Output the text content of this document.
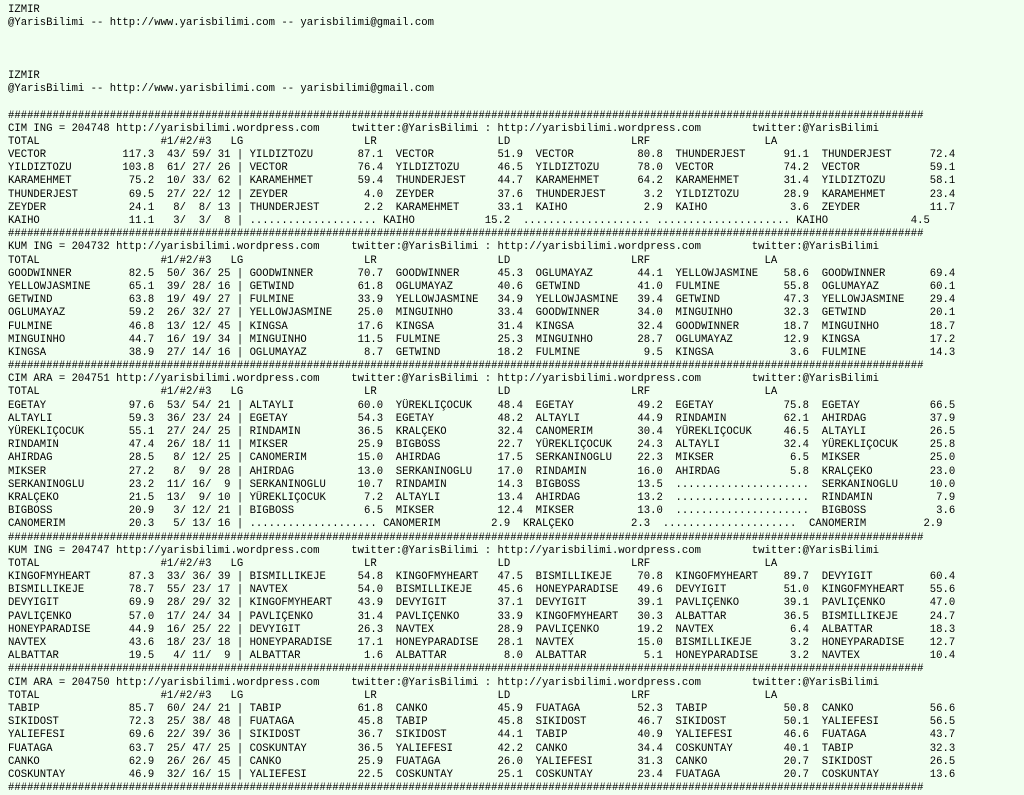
IZMIR
@YarisBilimi -- http://www.yarisbilimi.com -- yarisbilimi@gmail.com

IZMIR
@YarisBilimi -- http://www.yarisbilimi.com -- yarisbilimi@gmail.com

################################################################################################################################################
CIM ING = 204748 http://yarisbilimi.wordpress.com     twitter:@YarisBilimi : http://yarisbilimi.wordpress.com        twitter:@YarisBilimi
TOTAL                   #1/#2/#3   LG                   LR                   LD                   LRF                  LA
VECTOR            117.3  43/ 59/ 31 | YILDIZTOZU       87.1  VECTOR          51.9  VECTOR          80.8  THUNDERJEST      91.1  THUNDERJEST      72.4
YILDIZTOZU        103.8  61/ 27/ 26 | VECTOR           76.4  YILDIZTOZU      46.5  YILDIZTOZU      78.0  VECTOR           74.2  VECTOR           59.1
KARAMEHMET         75.2  10/ 33/ 62 | KARAMEHMET       59.4  THUNDERJEST     44.7  KARAMEHMET      64.2  KARAMEHMET       31.4  YILDIZTOZU       58.1
THUNDERJEST        69.5  27/ 22/ 12 | ZEYDER            4.0  ZEYDER          37.6  THUNDERJEST      3.2  YILDIZTOZU       28.9  KARAMEHMET       23.4
ZEYDER             24.1   8/  8/ 13 | THUNDERJEST       2.2  KARAMEHMET      33.1  KAIHO            2.9  KAIHO             3.6  ZEYDER           11.7
KAIHO              11.1   3/  3/  8 | .................... KAIHO           15.2  .................... ..................... KAIHO             4.5
################################################################################################################################################
KUM ING = 204732 http://yarisbilimi.wordpress.com     twitter:@YarisBilimi : http://yarisbilimi.wordpress.com        twitter:@YarisBilimi
TOTAL                   #1/#2/#3   LG                   LR                   LD                   LRF                  LA
GOODWINNER         82.5  50/ 36/ 25 | GOODWINNER       70.7  GOODWINNER      45.3  OGLUMAYAZ       44.1  YELLOWJASMINE    58.6  GOODWINNER       69.4
YELLOWJASMINE      65.1  39/ 28/ 16 | GETWIND          61.8  OGLUMAYAZ       40.6  GETWIND         41.0  FULMINE          55.8  OGLUMAYAZ        60.1
GETWIND            63.8  19/ 49/ 27 | FULMINE          33.9  YELLOWJASMINE   34.9  YELLOWJASMINE   39.4  GETWIND          47.3  YELLOWJASMINE    29.4
OGLUMAYAZ          59.2  26/ 32/ 27 | YELLOWJASMINE    25.0  MINGUINHO       33.4  GOODWINNER      34.0  MINGUINHO        32.3  GETWIND          20.1
FULMINE            46.8  13/ 12/ 45 | KINGSA           17.6  KINGSA          31.4  KINGSA          32.4  GOODWINNER       18.7  MINGUINHO        18.7
MINGUINHO          44.7  16/ 19/ 34 | MINGUINHO        11.5  FULMINE         25.3  MINGUINHO       28.7  OGLUMAYAZ        12.9  KINGSA           17.2
KINGSA             38.9  27/ 14/ 16 | OGLUMAYAZ         8.7  GETWIND         18.2  FULMINE          9.5  KINGSA            3.6  FULMINE          14.3
################################################################################################################################################
CIM ARA = 204751 http://yarisbilimi.wordpress.com     twitter:@YarisBilimi : http://yarisbilimi.wordpress.com        twitter:@YarisBilimi
TOTAL                   #1/#2/#3   LG                   LR                   LD                   LRF                  LA
EGETAY             97.6  53/ 54/ 21 | ALTAYLI          60.0  YÜREKLIÇOCUK    48.4  EGETAY          49.2  EGETAY           75.8  EGETAY           66.5
ALTAYLI            59.3  36/ 23/ 24 | EGETAY           54.3  EGETAY          48.2  ALTAYLI         44.9  RINDAMIN         62.1  AHIRDAG          37.9
YÜREKLIÇOCUK       55.1  27/ 24/ 25 | RINDAMIN         36.5  KRALÇEKO        32.4  CANOMERIM       30.4  YÜREKLIÇOCUK     46.5  ALTAYLI          26.5
RINDAMIN           47.4  26/ 18/ 11 | MIKSER           25.9  BIGBOSS         22.7  YÜREKLIÇOCUK    24.3  ALTAYLI          32.4  YÜREKLIÇOCUK     25.8
AHIRDAG            28.5   8/ 12/ 25 | CANOMERIM        15.0  AHIRDAG         17.5  SERKANINOGLU    22.3  MIKSER            6.5  MIKSER           25.0
MIKSER             27.2   8/  9/ 28 | AHIRDAG          13.0  SERKANINOGLU    17.0  RINDAMIN        16.0  AHIRDAG           5.8  KRALÇEKO         23.0
SERKANINOGLU       23.2  11/ 16/  9 | SERKANINOGLU     10.7  RINDAMIN        14.3  BIGBOSS         13.5  .....................  SERKANINOGLU     10.0
KRALÇEKO           21.5  13/  9/ 10 | YÜREKLIÇOCUK      7.2  ALTAYLI         13.4  AHIRDAG         13.2  .....................  RINDAMIN          7.9
BIGBOSS            20.9   3/ 12/ 21 | BIGBOSS           6.5  MIKSER          12.4  MIKSER          13.0  .....................  BIGBOSS           3.6
CANOMERIM          20.3   5/ 13/ 16 | .................... CANOMERIM        2.9  KRALÇEKO         2.3  .....................  CANOMERIM         2.9
################################################################################################################################################
KUM ING = 204747 http://yarisbilimi.wordpress.com     twitter:@YarisBilimi : http://yarisbilimi.wordpress.com        twitter:@YarisBilimi
TOTAL                   #1/#2/#3   LG                   LR                   LD                   LRF                  LA
KINGOFMYHEART      87.3  33/ 36/ 39 | BISMILLIKEJE     54.8  KINGOFMYHEART   47.5  BISMILLIKEJE    70.8  KINGOFMYHEART    89.7  DEVYIGIT         60.4
BISMILLIKEJE       78.7  55/ 23/ 17 | NAVTEX           54.0  BISMILLIKEJE    45.6  HONEYPARADISE   49.6  DEVYIGIT         51.0  KINGOFMYHEART    55.6
DEVYIGIT           69.9  28/ 29/ 32 | KINGOFMYHEART    43.9  DEVYIGIT        37.1  DEVYIGIT        39.1  PAVLIÇENKO       39.1  PAVLIÇENKO       47.0
PAVLIÇENKO         57.0  17/ 24/ 34 | PAVLIÇENKO       31.4  PAVLIÇENKO      33.9  KINGOFMYHEART   30.3  ALBATTAR         36.5  BISMILLIKEJE     24.7
HONEYPARADISE      44.9  16/ 25/ 22 | DEVYIGIT         26.3  NAVTEX          28.9  PAVLIÇENKO      19.2  NAVTEX            6.4  ALBATTAR         18.3
NAVTEX             43.6  18/ 23/ 18 | HONEYPARADISE    17.1  HONEYPARADISE   28.1  NAVTEX          15.0  BISMILLIKEJE      3.2  HONEYPARADISE    12.7
ALBATTAR           19.5   4/ 11/  9 | ALBATTAR          1.6  ALBATTAR         8.0  ALBATTAR         5.1  HONEYPARADISE     3.2  NAVTEX           10.4
################################################################################################################################################
CIM ARA = 204750 http://yarisbilimi.wordpress.com     twitter:@YarisBilimi : http://yarisbilimi.wordpress.com        twitter:@YarisBilimi
TOTAL                   #1/#2/#3   LG                   LR                   LD                   LRF                  LA
TABIP              85.7  60/ 24/ 21 | TABIP            61.8  CANKO           45.9  FUATAGA         52.3  TABIP            50.8  CANKO            56.6
SIKIDOST           72.3  25/ 38/ 48 | FUATAGA          45.8  TABIP           45.8  SIKIDOST        46.7  SIKIDOST         50.1  YALIEFESI        56.5
YALIEFESI          69.6  22/ 39/ 36 | SIKIDOST         36.7  SIKIDOST        44.1  TABIP           40.9  YALIEFESI        46.6  FUATAGA          43.7
FUATAGA            63.7  25/ 47/ 25 | COSKUNTAY        36.5  YALIEFESI       42.2  CANKO           34.4  COSKUNTAY        40.1  TABIP            32.3
CANKO              62.9  26/ 26/ 45 | CANKO            25.9  FUATAGA         26.0  YALIEFESI       31.3  CANKO            20.7  SIKIDOST         26.5
COSKUNTAY          46.9  32/ 16/ 15 | YALIEFESI        22.5  COSKUNTAY       25.1  COSKUNTAY       23.4  FUATAGA          20.7  COSKUNTAY        13.6
################################################################################################################################################
